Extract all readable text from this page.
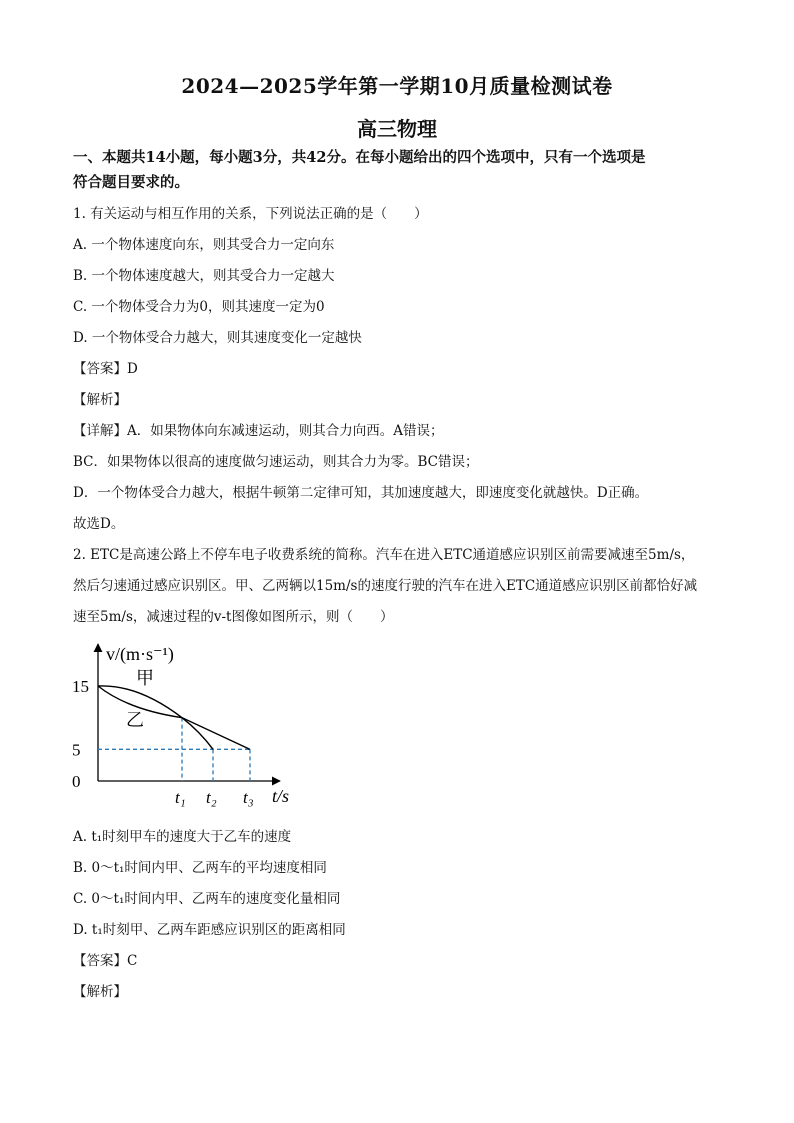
2024—2025学年第一学期10月质量检测试卷
高三物理
一、本题共14小题，每小题3分，共42分。在每小题给出的四个选项中，只有一个选项是
符合题目要求的。
1. 有关运动与相互作用的关系，下列说法正确的是（　　）
A. 一个物体速度向东，则其受合力一定向东
B. 一个物体速度越大，则其受合力一定越大
C. 一个物体受合力为0，则其速度一定为0
D. 一个物体受合力越大，则其速度变化一定越快
【答案】D
【解析】
【详解】A．如果物体向东减速运动，则其合力向西。A错误；
BC．如果物体以很高的速度做匀速运动，则其合力为零。BC错误；
D．一个物体受合力越大，根据牛顿第二定律可知，其加速度越大，即速度变化就越快。D正确。
故选D。
2. ETC是高速公路上不停车电子收费系统的简称。汽车在进入ETC通道感应识别区前需要减速至5m/s，
然后匀速通过感应识别区。甲、乙两辆以15m/s的速度行驶的汽车在进入ETC通道感应识别区前都恰好减
速至5m/s，减速过程的v-t图像如图所示，则（　　）
v/(m·s⁻¹)
t/s
15
5
0
t₁ t₂ t₃
甲
乙
A. t₁时刻甲车的速度大于乙车的速度
B. 0～t₁时间内甲、乙两车的平均速度相同
C. 0～t₁时间内甲、乙两车的速度变化量相同
D. t₁时刻甲、乙两车距感应识别区的距离相同
【答案】C
【解析】
